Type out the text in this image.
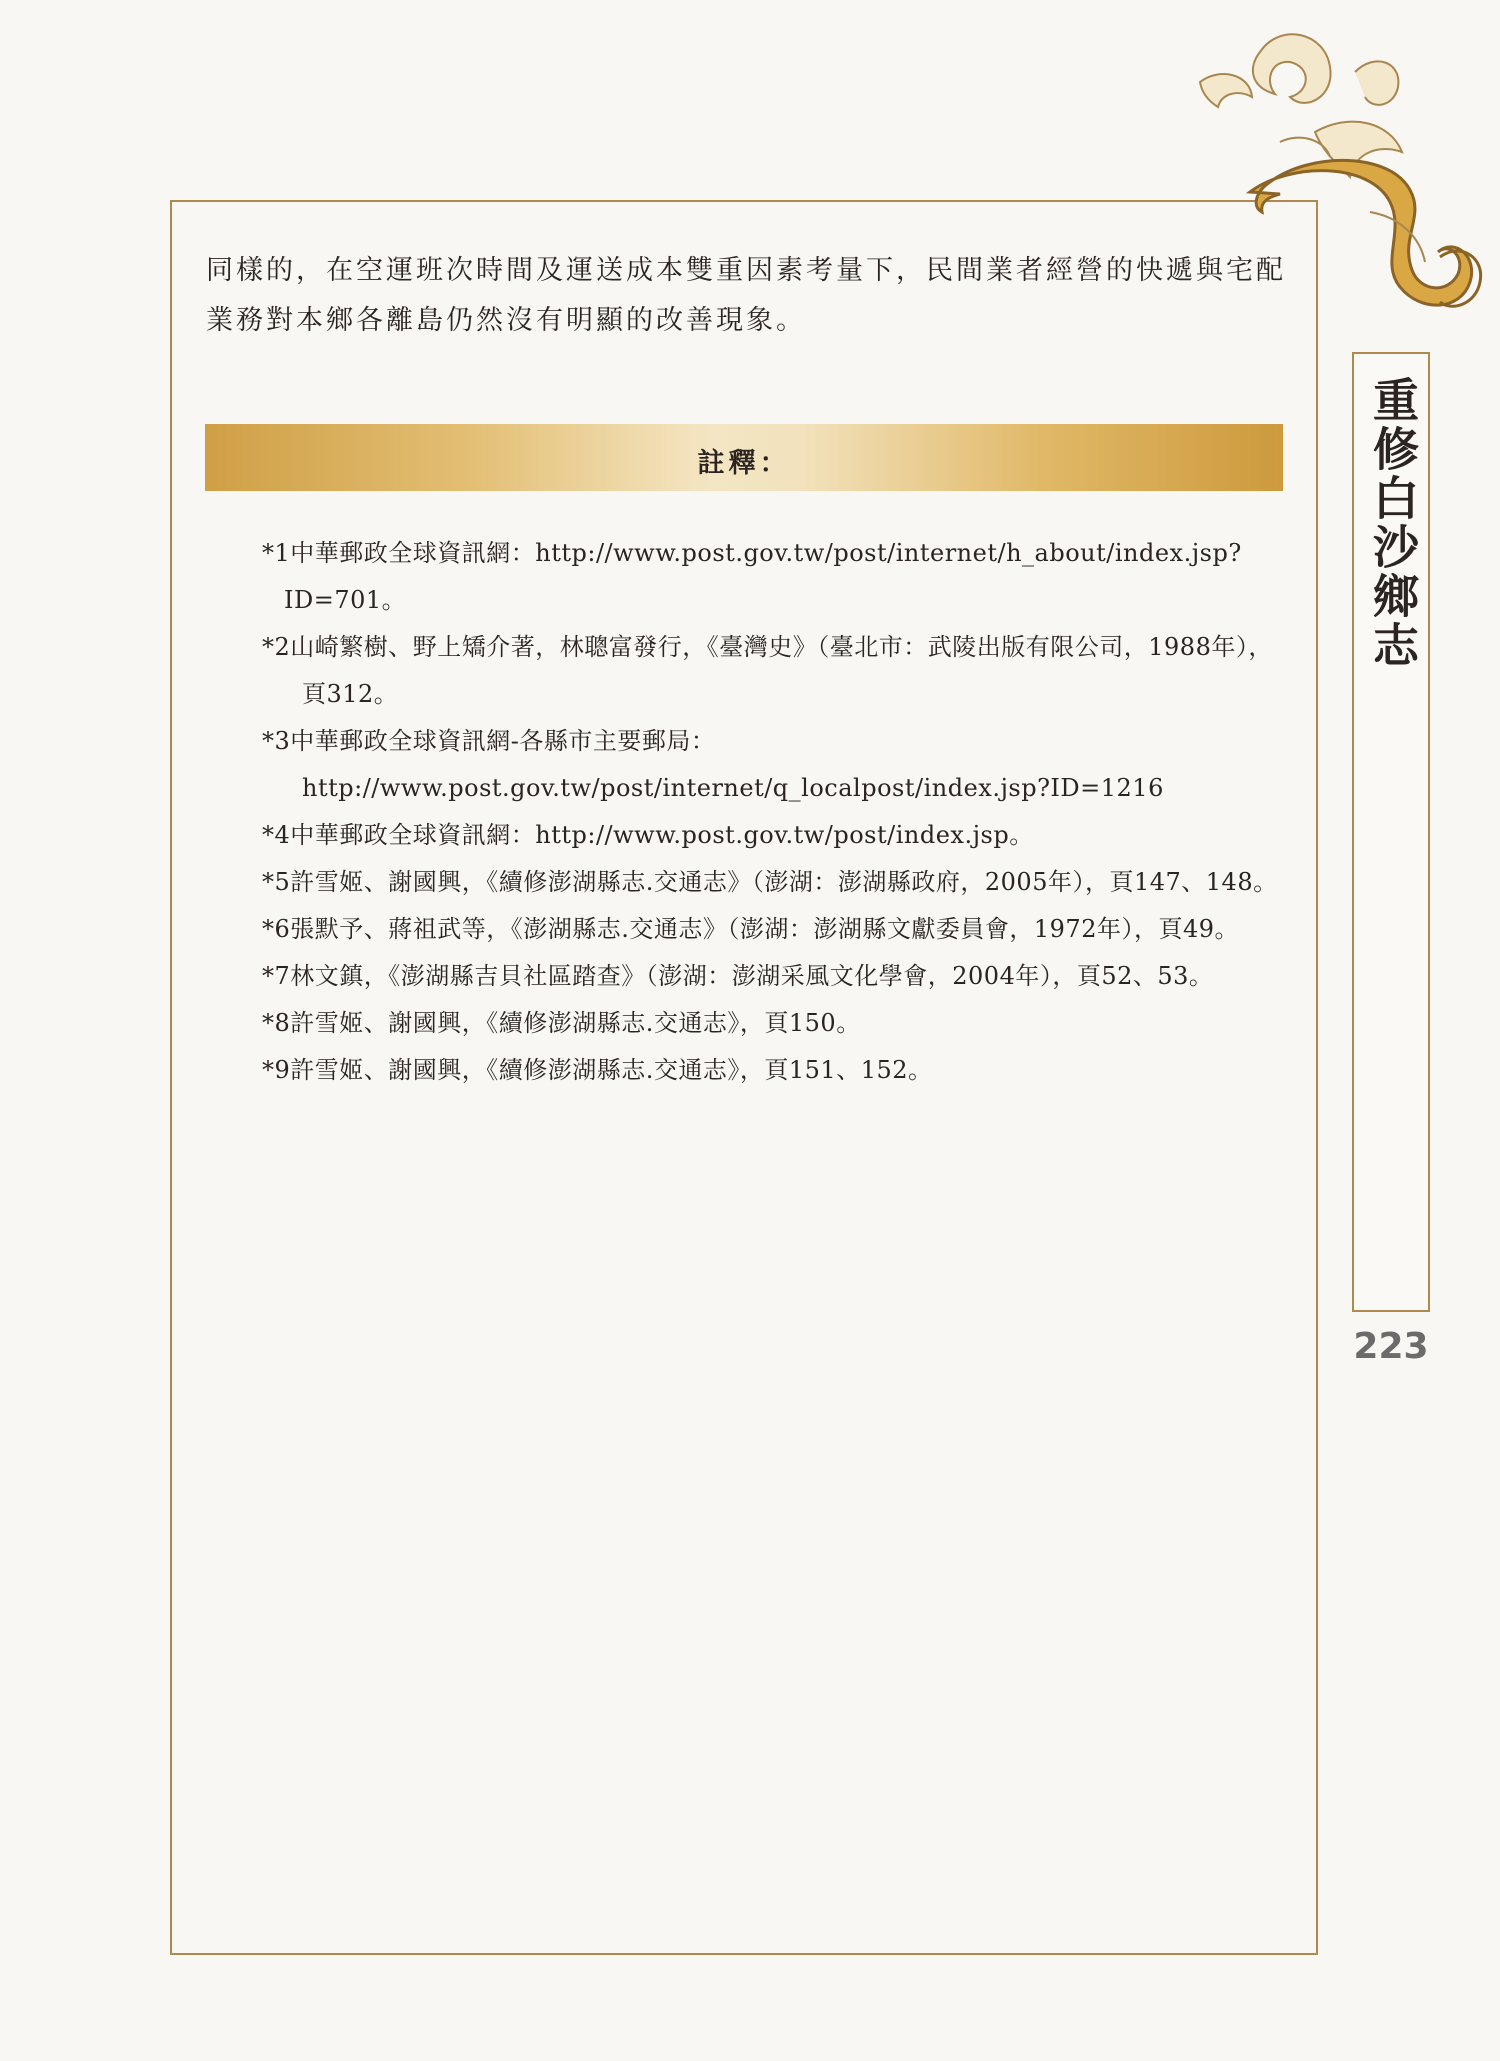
重修白沙鄉志
223

同樣的，在空運班次時間及運送成本雙重因素考量下，民間業者經營的快遞與宅配業務對本鄉各離島仍然沒有明顯的改善現象。

註釋：
*1中華郵政全球資訊網：http://www.post.gov.tw/post/internet/h_about/index.jsp?ID=701。
*2山崎繁樹、野上矯介著，林聰富發行，《臺灣史》（臺北市：武陵出版有限公司，1988年），頁312。
*3中華郵政全球資訊網-各縣市主要郵局：http://www.post.gov.tw/post/internet/q_localpost/index.jsp?ID=1216
*4中華郵政全球資訊網：http://www.post.gov.tw/post/index.jsp。
*5許雪姬、謝國興，《續修澎湖縣志.交通志》（澎湖：澎湖縣政府，2005年），頁147、148。
*6張默予、蔣祖武等，《澎湖縣志.交通志》（澎湖：澎湖縣文獻委員會，1972年），頁49。
*7林文鎮，《澎湖縣吉貝社區踏查》（澎湖：澎湖采風文化學會，2004年），頁52、53。
*8許雪姬、謝國興，《續修澎湖縣志.交通志》，頁150。
*9許雪姬、謝國興，《續修澎湖縣志.交通志》，頁151、152。
